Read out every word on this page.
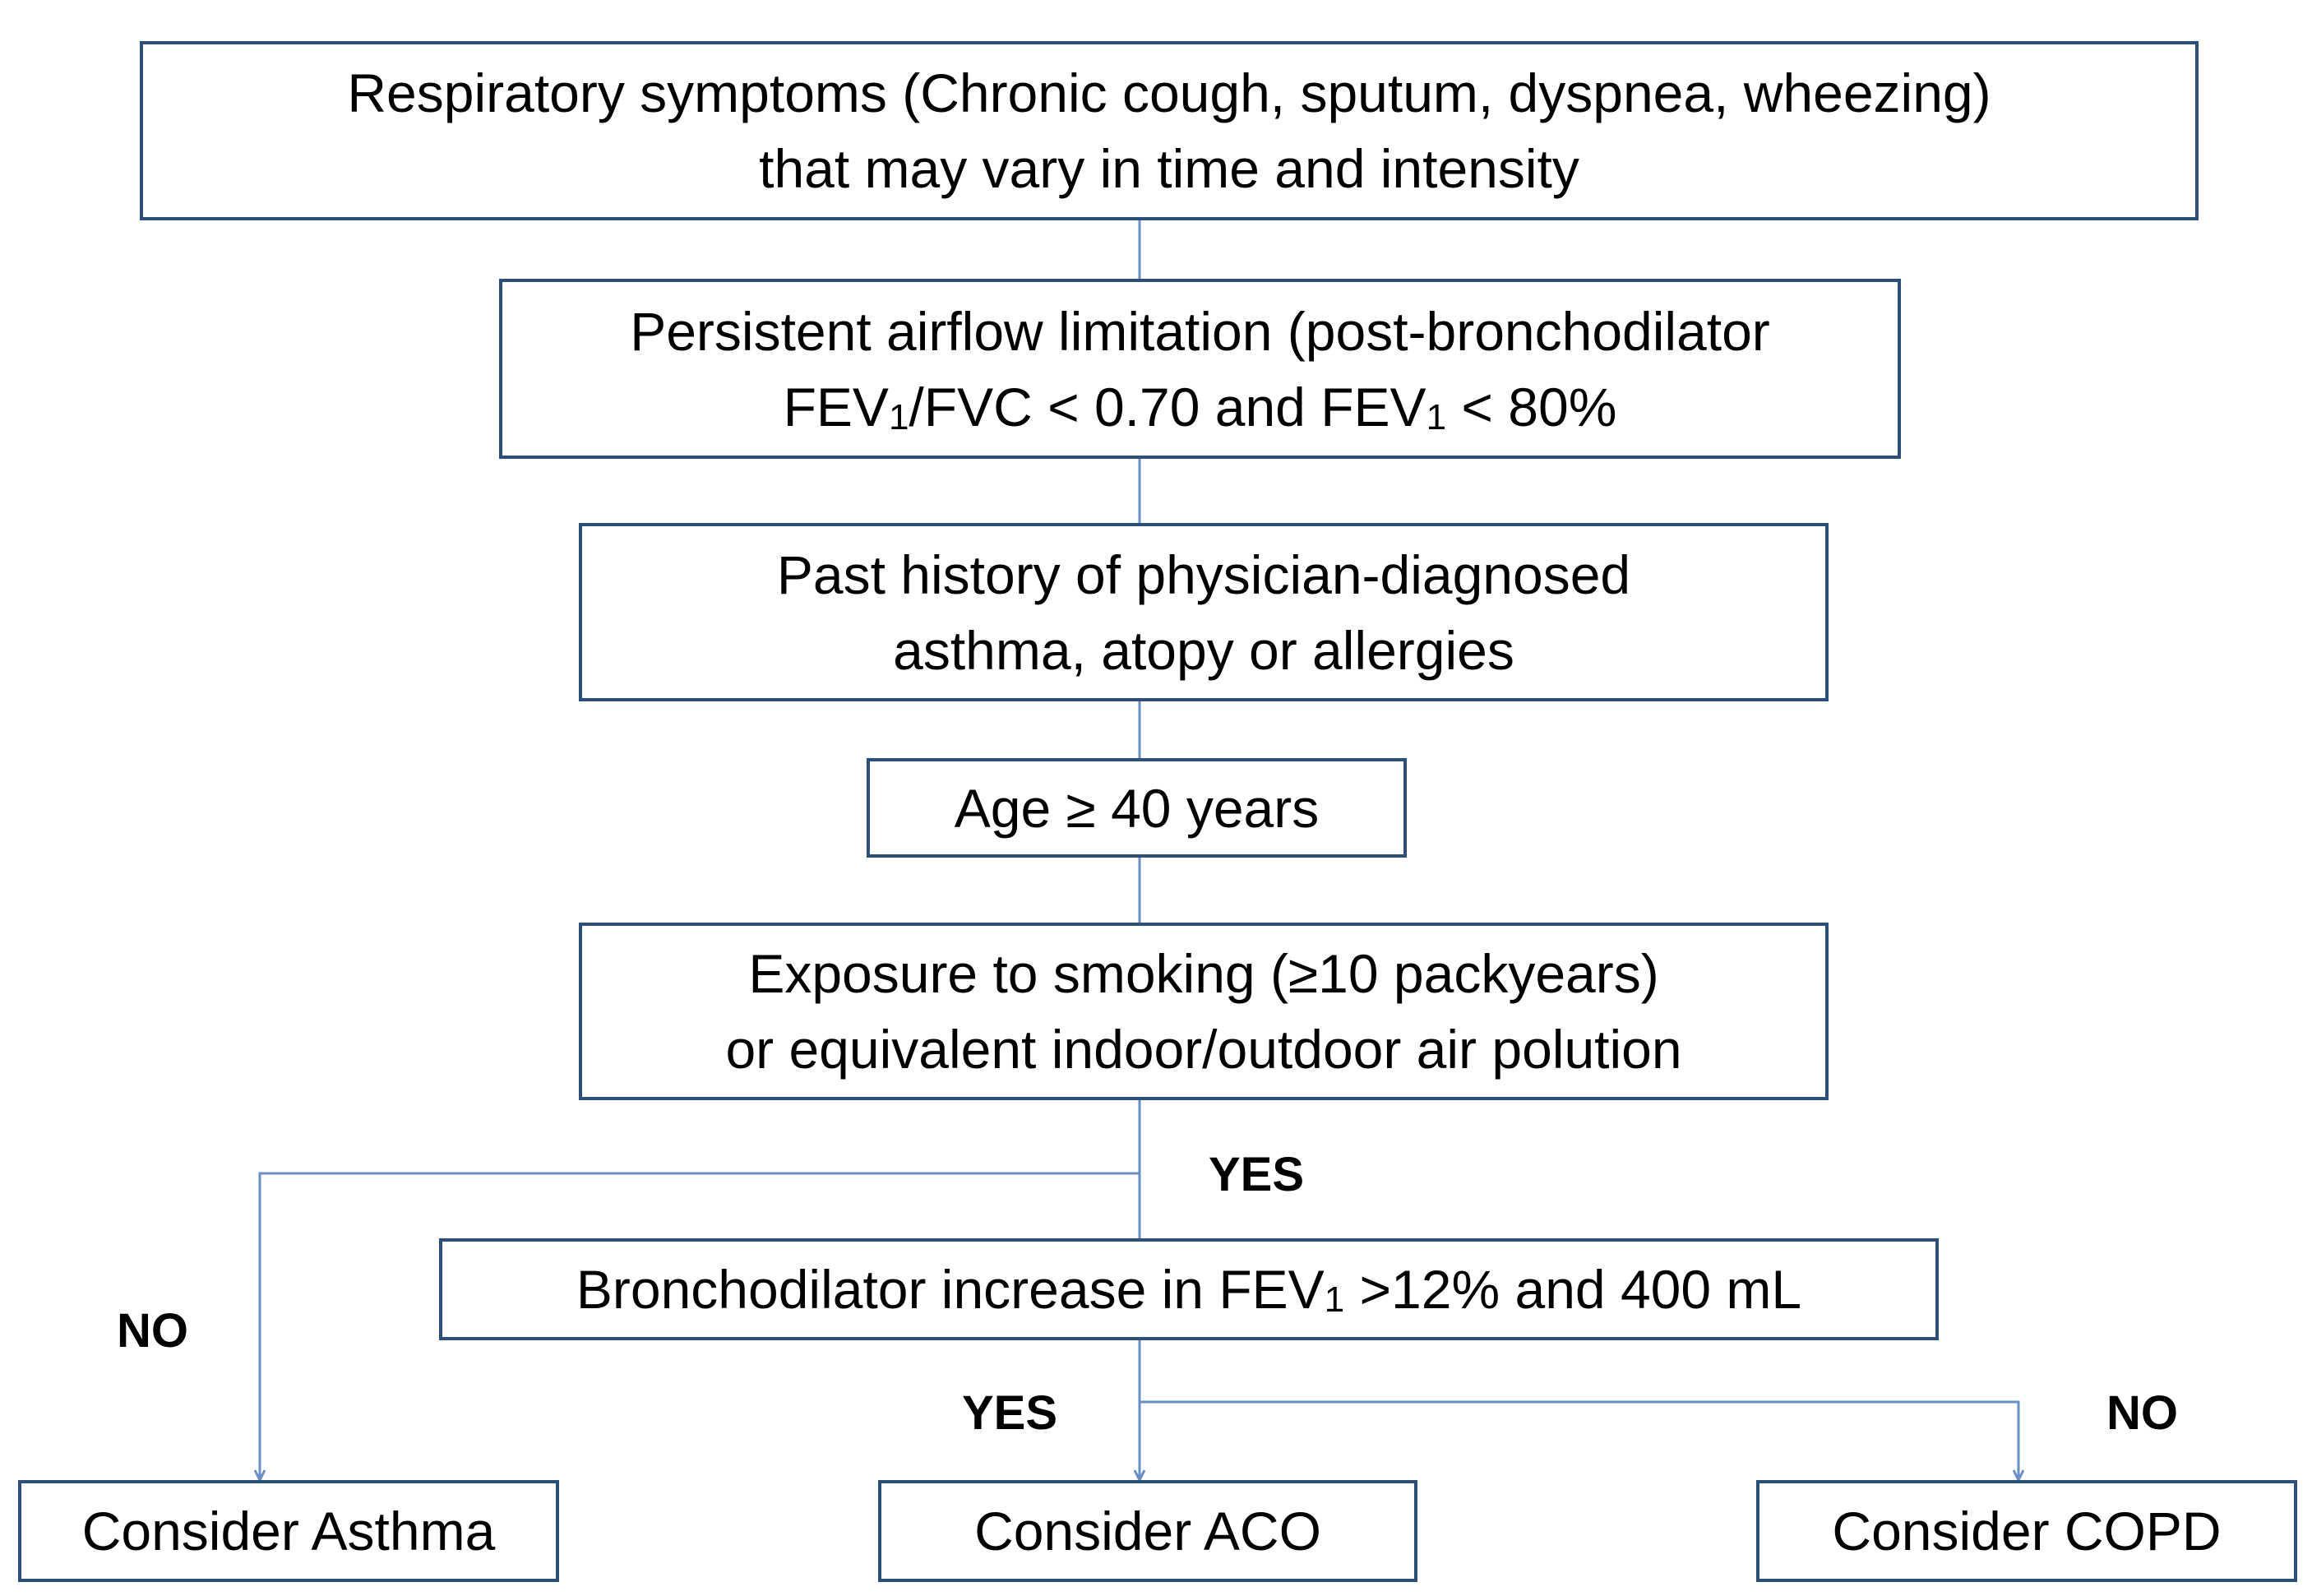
Respiratory symptoms (Chronic cough, sputum, dyspnea, wheezing)
that may vary in time and intensity
Persistent airflow limitation (post-bronchodilator
$FEV_1$/FVC < 0.70 and $FEV_1 < 80\%$
Past history of physician-diagnosed
asthma, atopy or allergies
Age ≥ 40 years
Exposure to smoking (≥10 packyears)
or equivalent indoor/outdoor air polution
YES
NO
Bronchodilator increase in $FEV_1 >12\%$ and 400 mL
YES	NO
Consider Asthma	Consider ACO	Consider COPD
